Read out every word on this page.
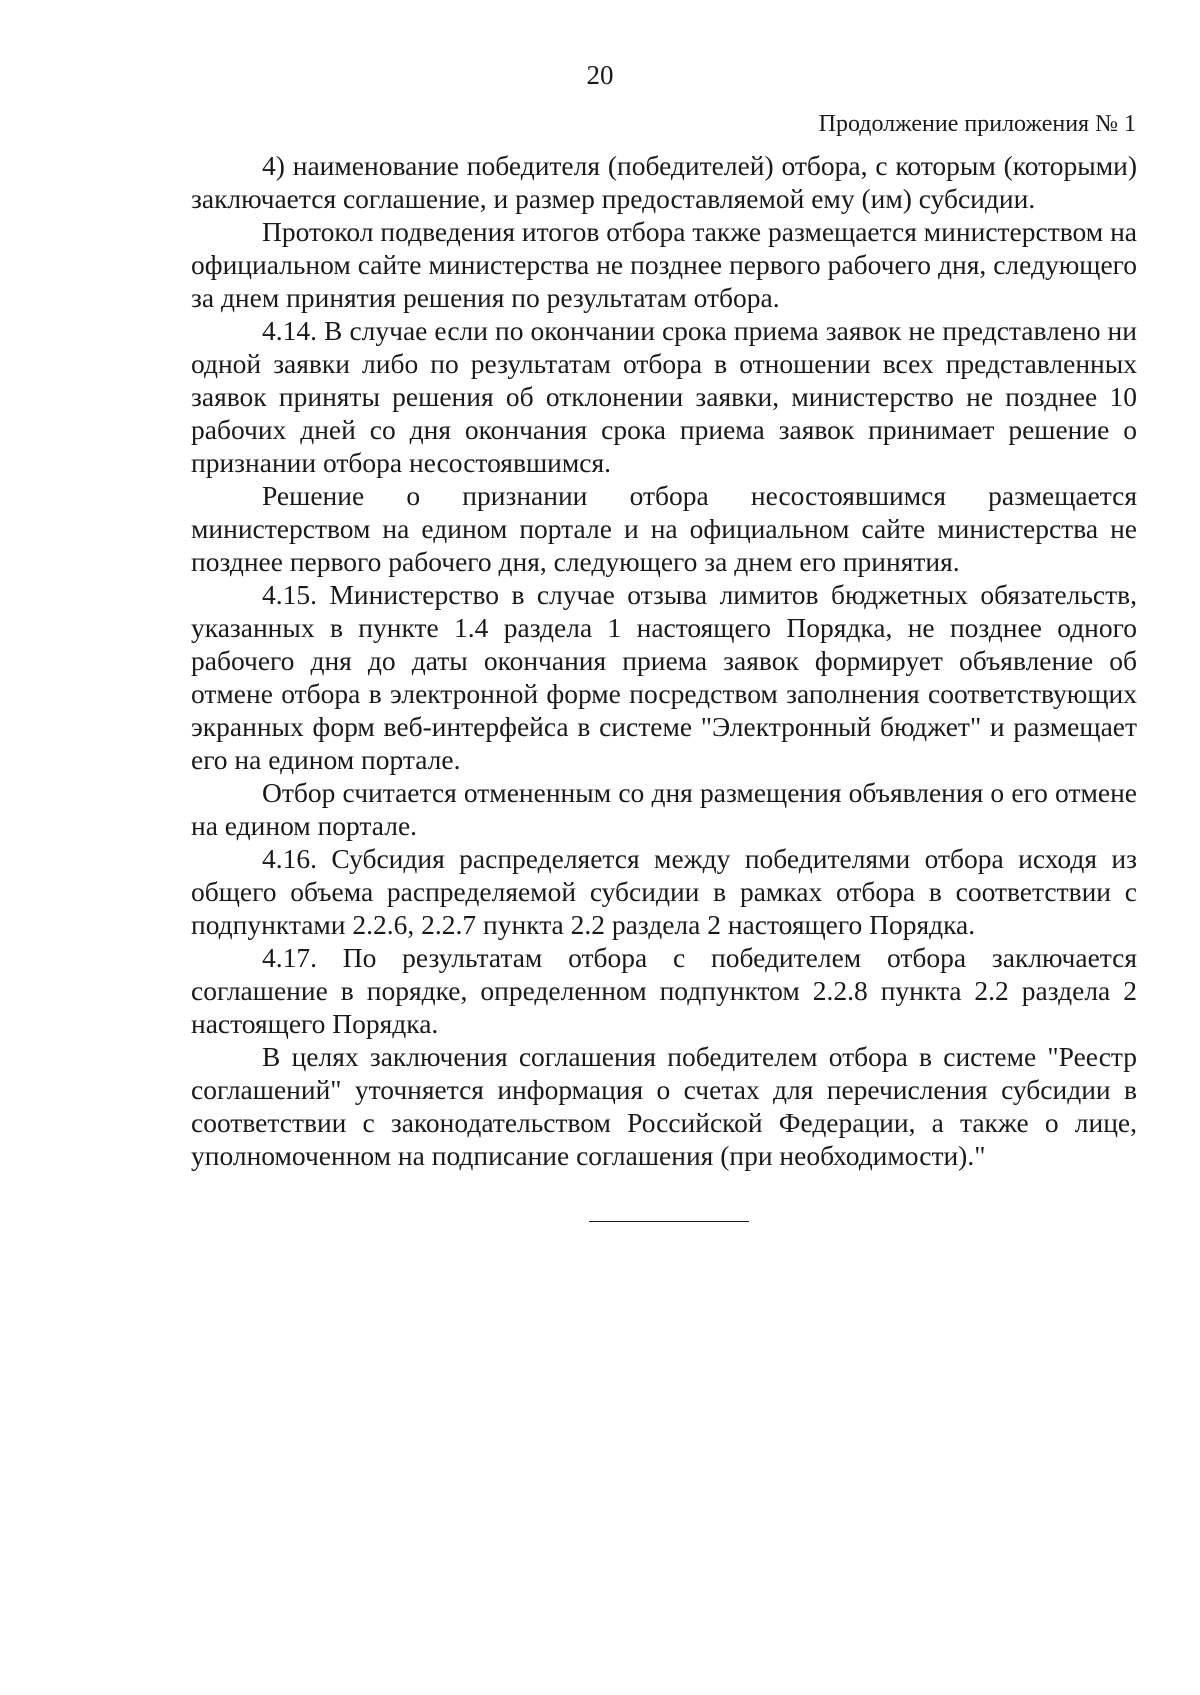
20
Продолжение приложения № 1

4) наименование победителя (победителей) отбора, с которым (которыми) заключается соглашение, и размер предоставляемой ему (им) субсидии.

Протокол подведения итогов отбора также размещается министерством на официальном сайте министерства не позднее первого рабочего дня, следующего за днем принятия решения по результатам отбора.

4.14. В случае если по окончании срока приема заявок не представлено ни одной заявки либо по результатам отбора в отношении всех представленных заявок приняты решения об отклонении заявки, министерство не позднее 10 рабочих дней со дня окончания срока приема заявок принимает решение о признании отбора несостоявшимся.

Решение о признании отбора несостоявшимся размещается министерством на едином портале и на официальном сайте министерства не позднее первого рабочего дня, следующего за днем его принятия.

4.15. Министерство в случае отзыва лимитов бюджетных обязательств, указанных в пункте 1.4 раздела 1 настоящего Порядка, не позднее одного рабочего дня до даты окончания приема заявок формирует объявление об отмене отбора в электронной форме посредством заполнения соответствующих экранных форм веб-интерфейса в системе "Электронный бюджет" и размещает его на едином портале.

Отбор считается отмененным со дня размещения объявления о его отмене на едином портале.

4.16. Субсидия распределяется между победителями отбора исходя из общего объема распределяемой субсидии в рамках отбора в соответствии с подпунктами 2.2.6, 2.2.7 пункта 2.2 раздела 2 настоящего Порядка.

4.17. По результатам отбора с победителем отбора заключается соглашение в порядке, определенном подпунктом 2.2.8 пункта 2.2 раздела 2 настоящего Порядка.

В целях заключения соглашения победителем отбора в системе "Реестр соглашений" уточняется информация о счетах для перечисления субсидии в соответствии с законодательством Российской Федерации, а также о лице, уполномоченном на подписание соглашения (при необходимости)."
